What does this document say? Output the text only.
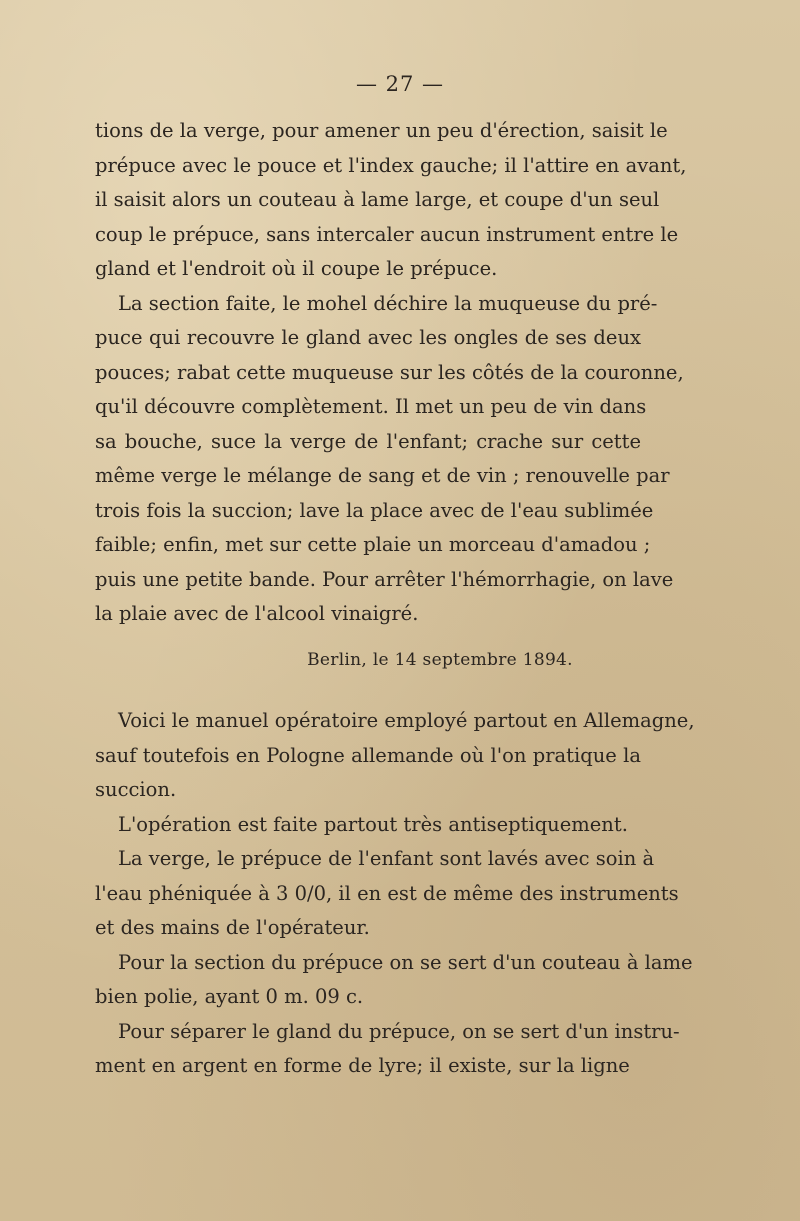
— 27 —
tions de la verge, pour amener un peu d'érection, saisit le
prépuce avec le pouce et l'index gauche; il l'attire en avant,
il saisit alors un couteau à lame large, et coupe d'un seul
coup le prépuce, sans intercaler aucun instrument entre le
gland et l'endroit où il coupe le prépuce.
La section faite, le mohel déchire la muqueuse du pré-
puce qui recouvre le gland avec les ongles de ses deux
pouces; rabat cette muqueuse sur les côtés de la couronne,
qu'il découvre complètement. Il met un peu de vin dans
sa bouche, suce la verge de l'enfant; crache sur cette
même verge le mélange de sang et de vin ; renouvelle par
trois fois la succion; lave la place avec de l'eau sublimée
faible; enfin, met sur cette plaie un morceau d'amadou ;
puis une petite bande. Pour arrêter l'hémorrhagie, on lave
la plaie avec de l'alcool vinaigré.
Berlin, le 14 septembre 1894.
Voici le manuel opératoire employé partout en Allemagne,
sauf toutefois en Pologne allemande où l'on pratique la
succion.
L'opération est faite partout très antiseptiquement.
La verge, le prépuce de l'enfant sont lavés avec soin à
l'eau phéniquée à 3 0/0, il en est de même des instruments
et des mains de l'opérateur.
Pour la section du prépuce on se sert d'un couteau à lame
bien polie, ayant 0 m. 09 c.
Pour séparer le gland du prépuce, on se sert d'un instru-
ment en argent en forme de lyre; il existe, sur la ligne
